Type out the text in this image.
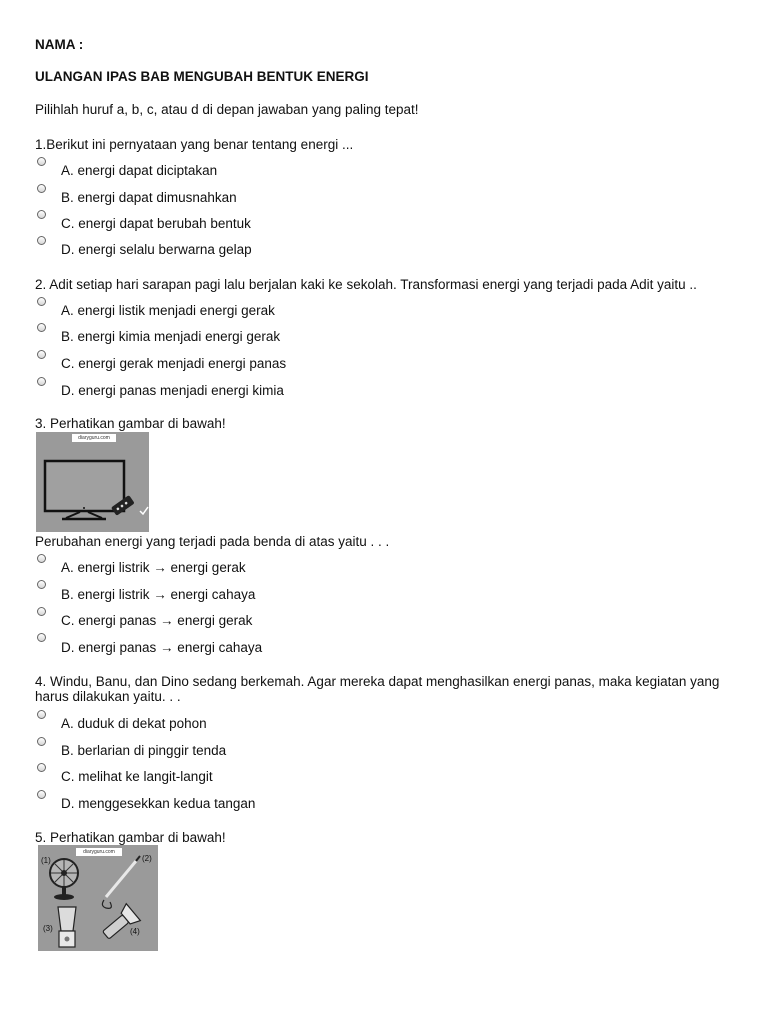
NAMA :
ULANGAN IPAS BAB MENGUBAH BENTUK ENERGI
Pilihlah huruf a, b, c, atau d di depan jawaban yang paling tepat!
1.Berikut ini pernyataan yang benar tentang energi ...
A. energi dapat diciptakan
B. energi dapat dimusnahkan
C. energi dapat berubah bentuk
D. energi selalu berwarna gelap
2. Adit setiap hari sarapan pagi lalu berjalan kaki ke sekolah. Transformasi energi yang terjadi pada Adit yaitu ..
A. energi listik menjadi energi gerak
B. energi kimia menjadi energi gerak
C. energi gerak menjadi energi panas
D. energi panas menjadi energi kimia
3. Perhatikan gambar di bawah!
diaryguru.com
Perubahan energi yang terjadi pada benda di atas yaitu . . .
A. energi listrik → energi gerak
B. energi listrik → energi cahaya
C. energi panas → energi gerak
D. energi panas → energi cahaya
4. Windu, Banu, dan Dino sedang berkemah. Agar mereka dapat menghasilkan energi panas, maka kegiatan yang harus dilakukan yaitu. . .
A. duduk di dekat pohon
B. berlarian di pinggir tenda
C. melihat ke langit-langit
D. menggesekkan kedua tangan
5. Perhatikan gambar di bawah!
diaryguru.com
(1)	(2)
(3)	(4)
